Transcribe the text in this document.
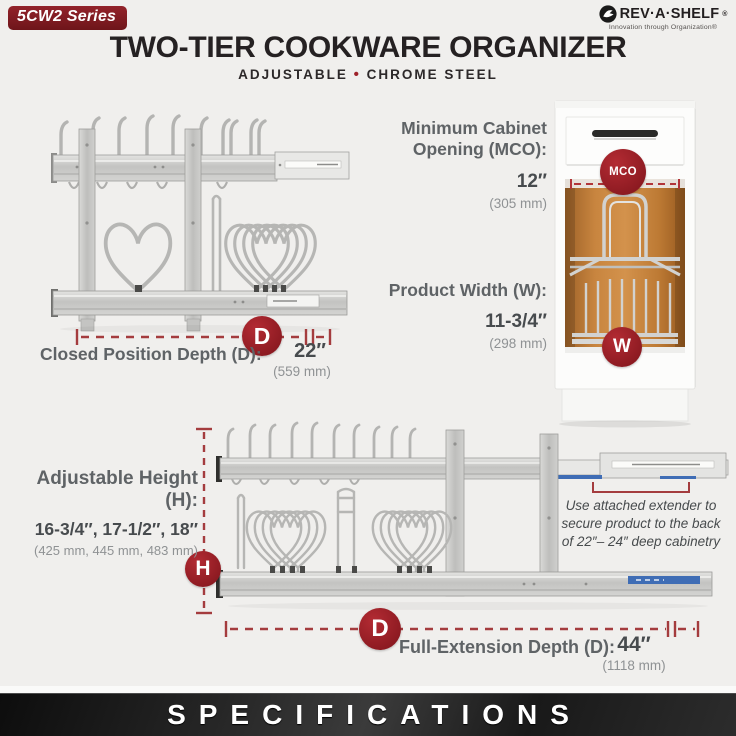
5CW2 Series	REV·A·SHELF ®
Innovation through Organization®
TWO-TIER COOKWARE ORGANIZER
ADJUSTABLE • CHROME STEEL
D
Closed Position Depth (D):	22″
(559 mm)
Minimum Cabinet Opening (MCO):
12″
(305 mm)
Product Width (W):
11-3/4″
(298 mm)
MCO
W
H
Adjustable Height (H):
16-3/4″, 17-1/2″, 18″
(425 mm, 445 mm, 483 mm)
Use attached extender to
secure product to the back
of 22″– 24″ deep cabinetry
D
Full-Extension Depth (D): 44″
(1118 mm)
SPECIFICATIONS
